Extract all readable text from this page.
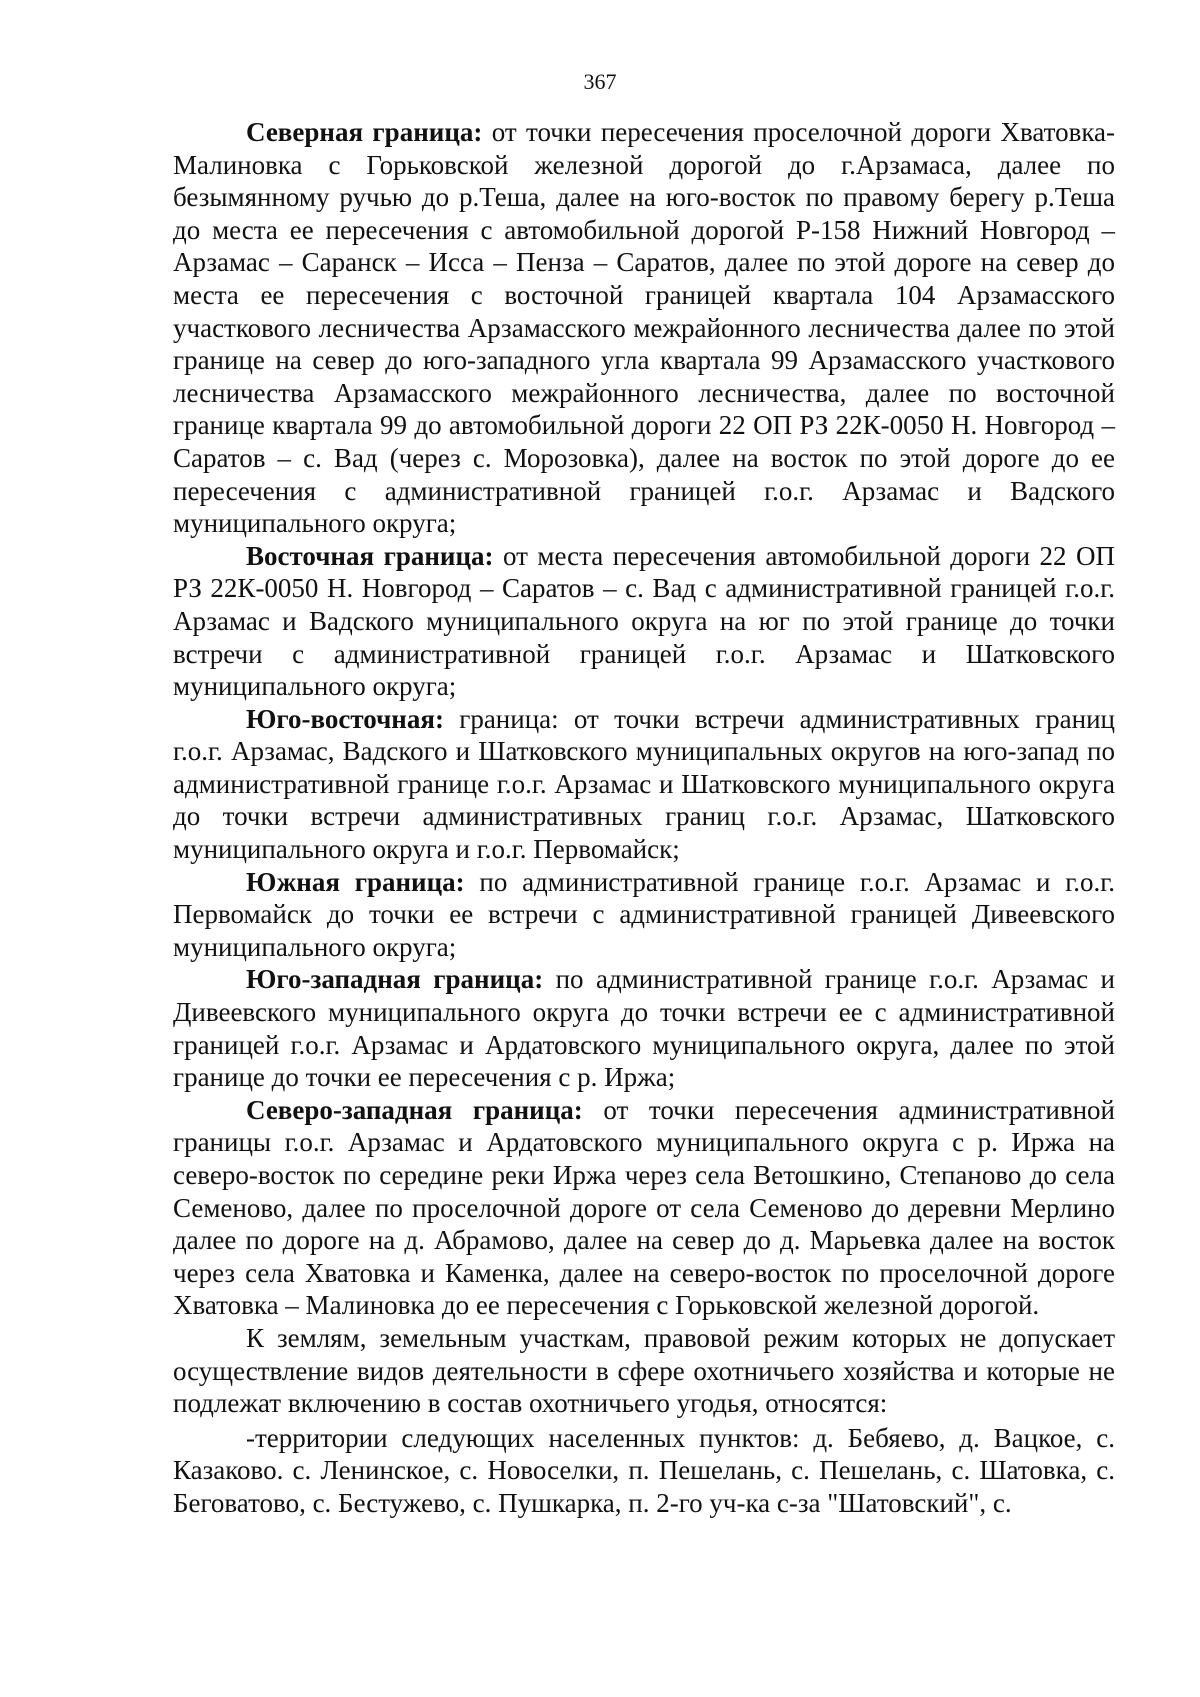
367

Северная граница: от точки пересечения проселочной дороги Хватовка-Малиновка с Горьковской железной дорогой до г.Арзамаса, далее по безымянному ручью до р.Теша, далее на юго-восток по правому берегу р.Теша до места ее пересечения с автомобильной дорогой Р-158 Нижний Новгород – Арзамас – Саранск – Исса – Пенза – Саратов, далее по этой дороге на север до места ее пересечения с восточной границей квартала 104 Арзамасского участкового лесничества Арзамасского межрайонного лесничества далее по этой границе на север до юго-западного угла квартала 99 Арзамасского участкового лесничества Арзамасского межрайонного лесничества, далее по восточной границе квартала 99 до автомобильной дороги 22 ОП РЗ 22К-0050 Н. Новгород – Саратов – с. Вад (через с. Морозовка), далее на восток по этой дороге до ее пересечения с административной границей г.о.г. Арзамас и Вадского муниципального округа;

Восточная граница: от места пересечения автомобильной дороги 22 ОП РЗ 22К-0050 Н. Новгород – Саратов – с. Вад с административной границей г.о.г. Арзамас и Вадского муниципального округа на юг по этой границе до точки встречи с административной границей г.о.г. Арзамас и Шатковского муниципального округа;

Юго-восточная: граница: от точки встречи административных границ г.о.г. Арзамас, Вадского и Шатковского муниципальных округов на юго-запад по административной границе г.о.г. Арзамас и Шатковского муниципального округа до точки встречи административных границ г.о.г. Арзамас, Шатковского муниципального округа и г.о.г. Первомайск;

Южная граница: по административной границе г.о.г. Арзамас и г.о.г. Первомайск до точки ее встречи с административной границей Дивеевского муниципального округа;

Юго-западная граница: по административной границе г.о.г. Арзамас и Дивеевского муниципального округа до точки встречи ее с административной границей г.о.г. Арзамас и Ардатовского муниципального округа, далее по этой границе до точки ее пересечения с р. Иржа;

Северо-западная граница: от точки пересечения административной границы г.о.г. Арзамас и Ардатовского муниципального округа с р. Иржа на северо-восток по середине реки Иржа через села Ветошкино, Степаново до села Семеново, далее по проселочной дороге от села Семеново до деревни Мерлино далее по дороге на д. Абрамово, далее на север до д. Марьевка далее на восток через села Хватовка и Каменка, далее на северо-восток по проселочной дороге Хватовка – Малиновка до ее пересечения с Горьковской железной дорогой.

К землям, земельным участкам, правовой режим которых не допускает осуществление видов деятельности в сфере охотничьего хозяйства и которые не подлежат включению в состав охотничьего угодья, относятся:

-территории следующих населенных пунктов: д. Бебяево, д. Вацкое, с. Казаково. с. Ленинское, с. Новоселки, п. Пешелань, с. Пешелань, с. Шатовка, с. Беговатово, с. Бестужево, с. Пушкарка, п. 2-го уч-ка с-за "Шатовский", с.
